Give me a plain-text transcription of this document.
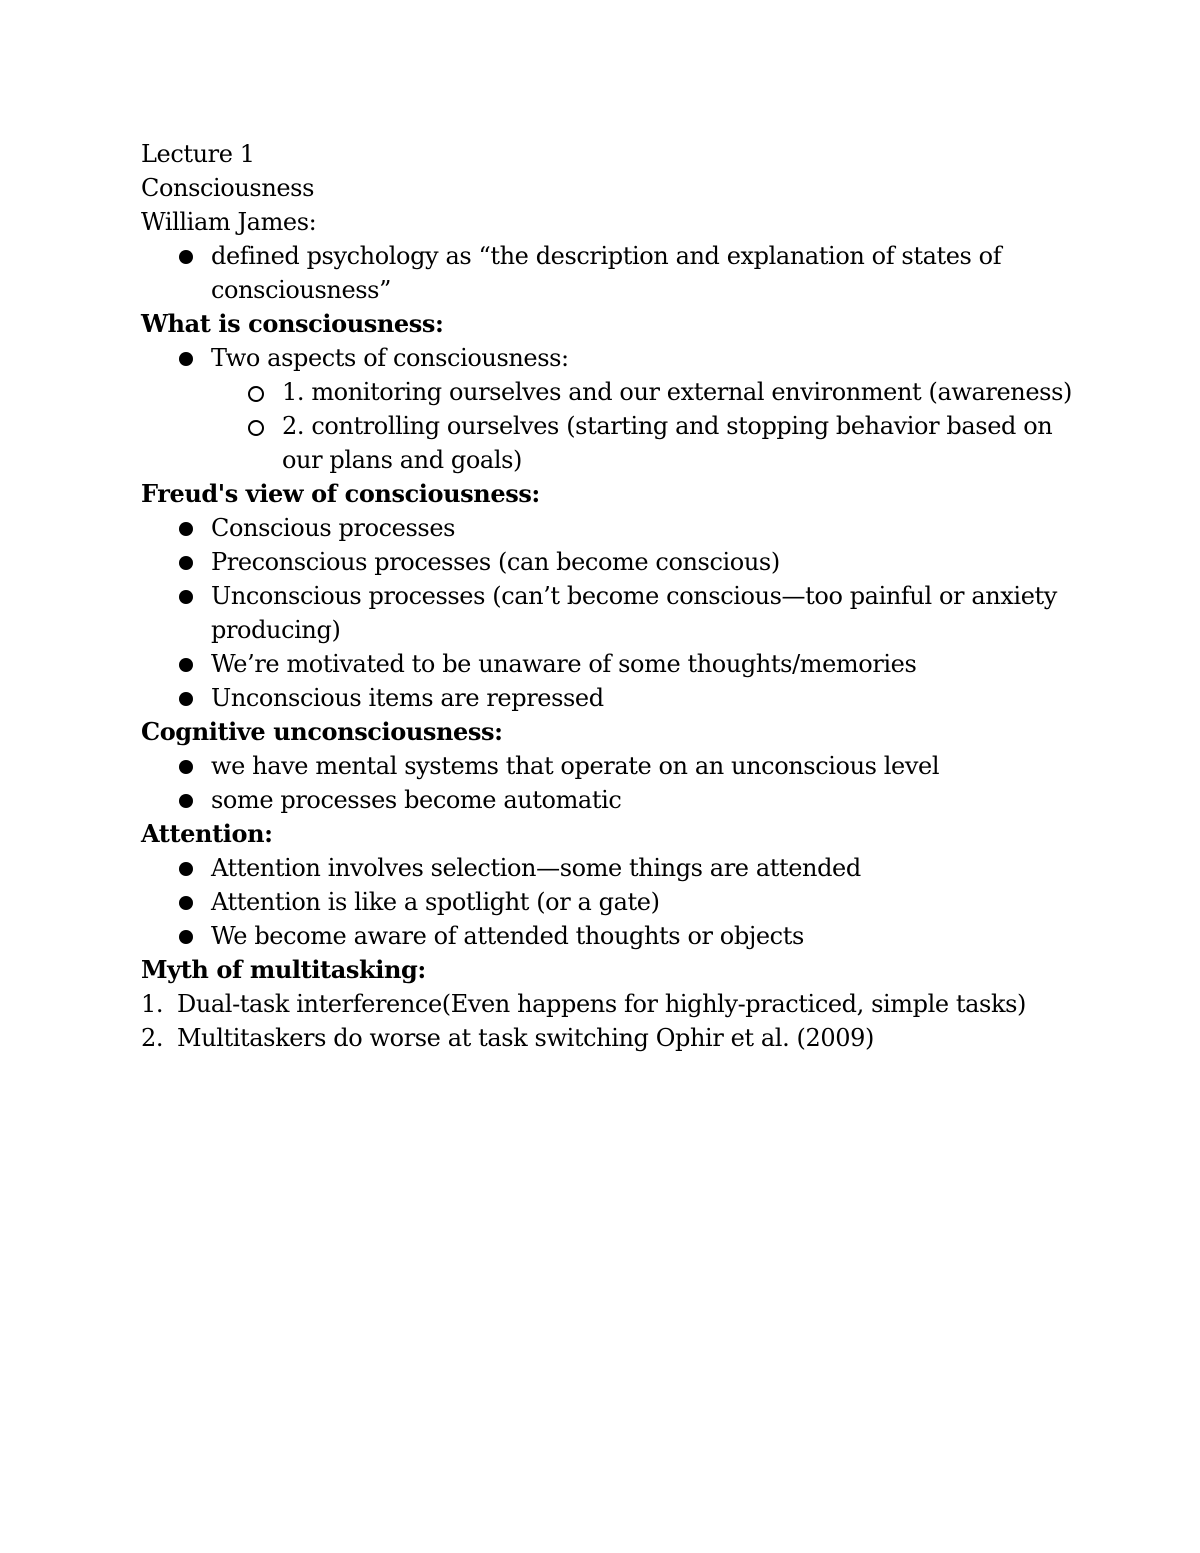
Lecture 1

Consciousness

William James:

defined psychology as “the description and explanation of states of

consciousness”

What is consciousness:

Two aspects of consciousness:

1. monitoring ourselves and our external environment (awareness)

2. controlling ourselves (starting and stopping behavior based on

our plans and goals)

Freud's view of consciousness:

Conscious processes

Preconscious processes (can become conscious)

Unconscious processes (can’t become conscious—too painful or anxiety

producing)

We’re motivated to be unaware of some thoughts/memories

Unconscious items are repressed

Cognitive unconsciousness:

we have mental systems that operate on an unconscious level

some processes become automatic

Attention:

Attention involves selection—some things are attended

Attention is like a spotlight (or a gate)

We become aware of attended thoughts or objects

Myth of multitasking:

1. Dual-task interference(Even happens for highly-practiced, simple tasks)

2. Multitaskers do worse at task switching Ophir et al. (2009)
